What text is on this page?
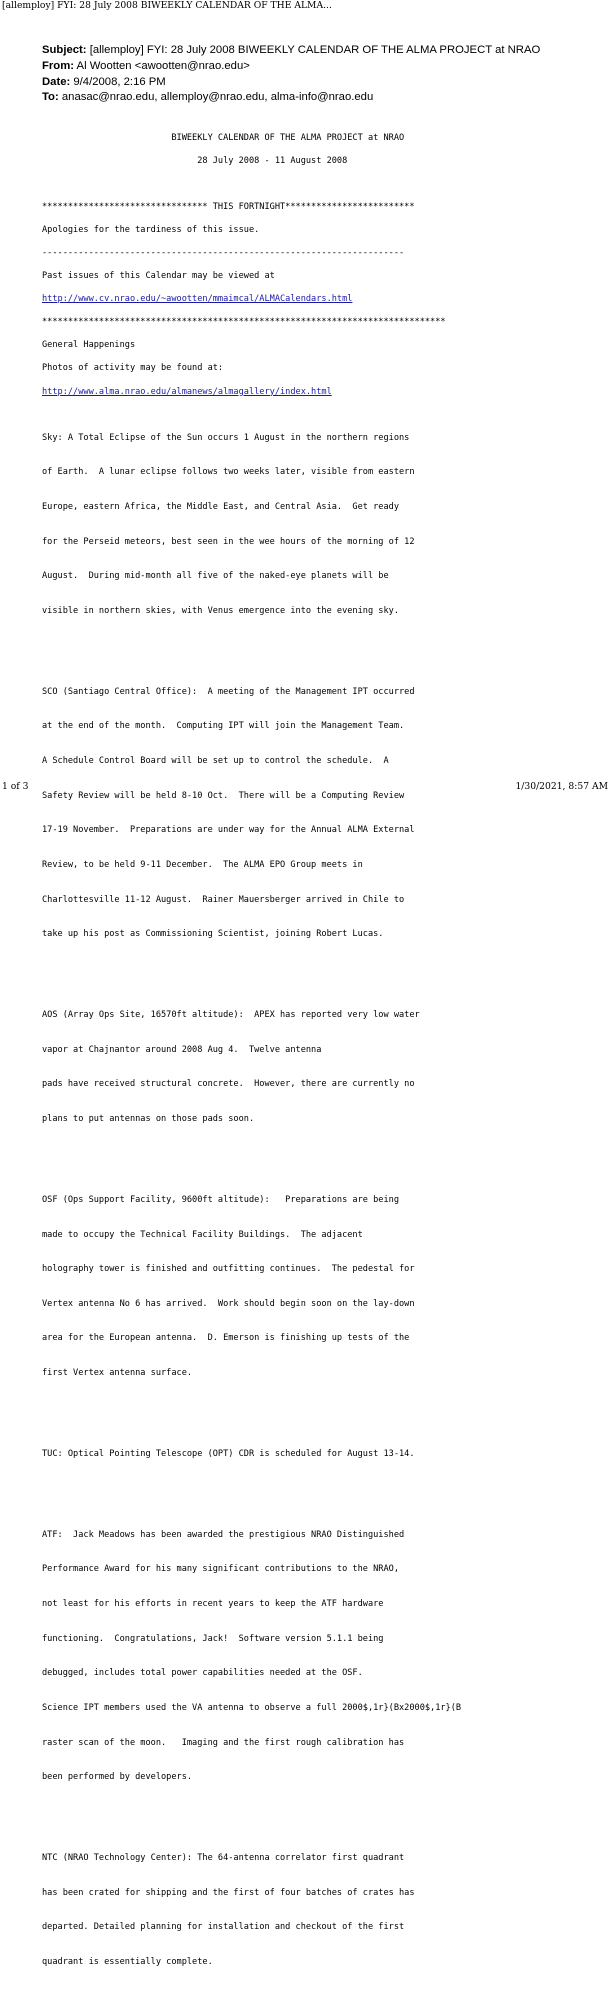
[allemploy] FYI: 28 July 2008 BIWEEKLY CALENDAR OF THE ALMA...
Subject: [allemploy] FYI: 28 July 2008 BIWEEKLY CALENDAR OF THE ALMA PROJECT at NRAO
From: Al Wootten <awootten@nrao.edu>
Date: 9/4/2008, 2:16 PM
To: anasac@nrao.edu, allemploy@nrao.edu, alma-info@nrao.edu

BIWEEKLY CALENDAR OF THE ALMA PROJECT at NRAO

28 July 2008 - 11 August 2008

******************************** THIS FORTNIGHT*************************

Apologies for the tardiness of this issue.

----------------------------------------------------------------------

Past issues of this Calendar may be viewed at

http://www.cv.nrao.edu/~awootten/mmaimcal/ALMACalendars.html

******************************************************************************

General Happenings

Photos of activity may be found at:

http://www.alma.nrao.edu/almanews/almagallery/index.html

Sky: A Total Eclipse of the Sun occurs 1 August in the northern regions

of Earth.  A lunar eclipse follows two weeks later, visible from eastern

Europe, eastern Africa, the Middle East, and Central Asia.  Get ready

for the Perseid meteors, best seen in the wee hours of the morning of 12

August.  During mid-month all five of the naked-eye planets will be

visible in northern skies, with Venus emergence into the evening sky.

SCO (Santiago Central Office):  A meeting of the Management IPT occurred

at the end of the month.  Computing IPT will join the Management Team.

A Schedule Control Board will be set up to control the schedule.  A

Safety Review will be held 8-10 Oct.  There will be a Computing Review

17-19 November.  Preparations are under way for the Annual ALMA External

Review, to be held 9-11 December.  The ALMA EPO Group meets in

Charlottesville 11-12 August.  Rainer Mauersberger arrived in Chile to

take up his post as Commissioning Scientist, joining Robert Lucas.

AOS (Array Ops Site, 16570ft altitude):  APEX has reported very low water

vapor at Chajnantor around 2008 Aug 4.  Twelve antenna

pads have received structural concrete.  However, there are currently no

plans to put antennas on those pads soon.

OSF (Ops Support Facility, 9600ft altitude):   Preparations are being

made to occupy the Technical Facility Buildings.  The adjacent

holography tower is finished and outfitting continues.  The pedestal for

Vertex antenna No 6 has arrived.  Work should begin soon on the lay-down

area for the European antenna.  D. Emerson is finishing up tests of the

first Vertex antenna surface.

TUC: Optical Pointing Telescope (OPT) CDR is scheduled for August 13-14.

ATF:  Jack Meadows has been awarded the prestigious NRAO Distinguished

Performance Award for his many significant contributions to the NRAO,

not least for his efforts in recent years to keep the ATF hardware

functioning.  Congratulations, Jack!  Software version 5.1.1 being

debugged, includes total power capabilities needed at the OSF.

Science IPT members used the VA antenna to observe a full 2000$,1r}(Bx2000$,1r}(B

raster scan of the moon.   Imaging and the first rough calibration has

been performed by developers.

NTC (NRAO Technology Center): The 64-antenna correlator first quadrant

has been crated for shipping and the first of four batches of crates has

departed. Detailed planning for installation and checkout of the first

quadrant is essentially complete.

1 of 3	1/30/2021, 8:57 AM
